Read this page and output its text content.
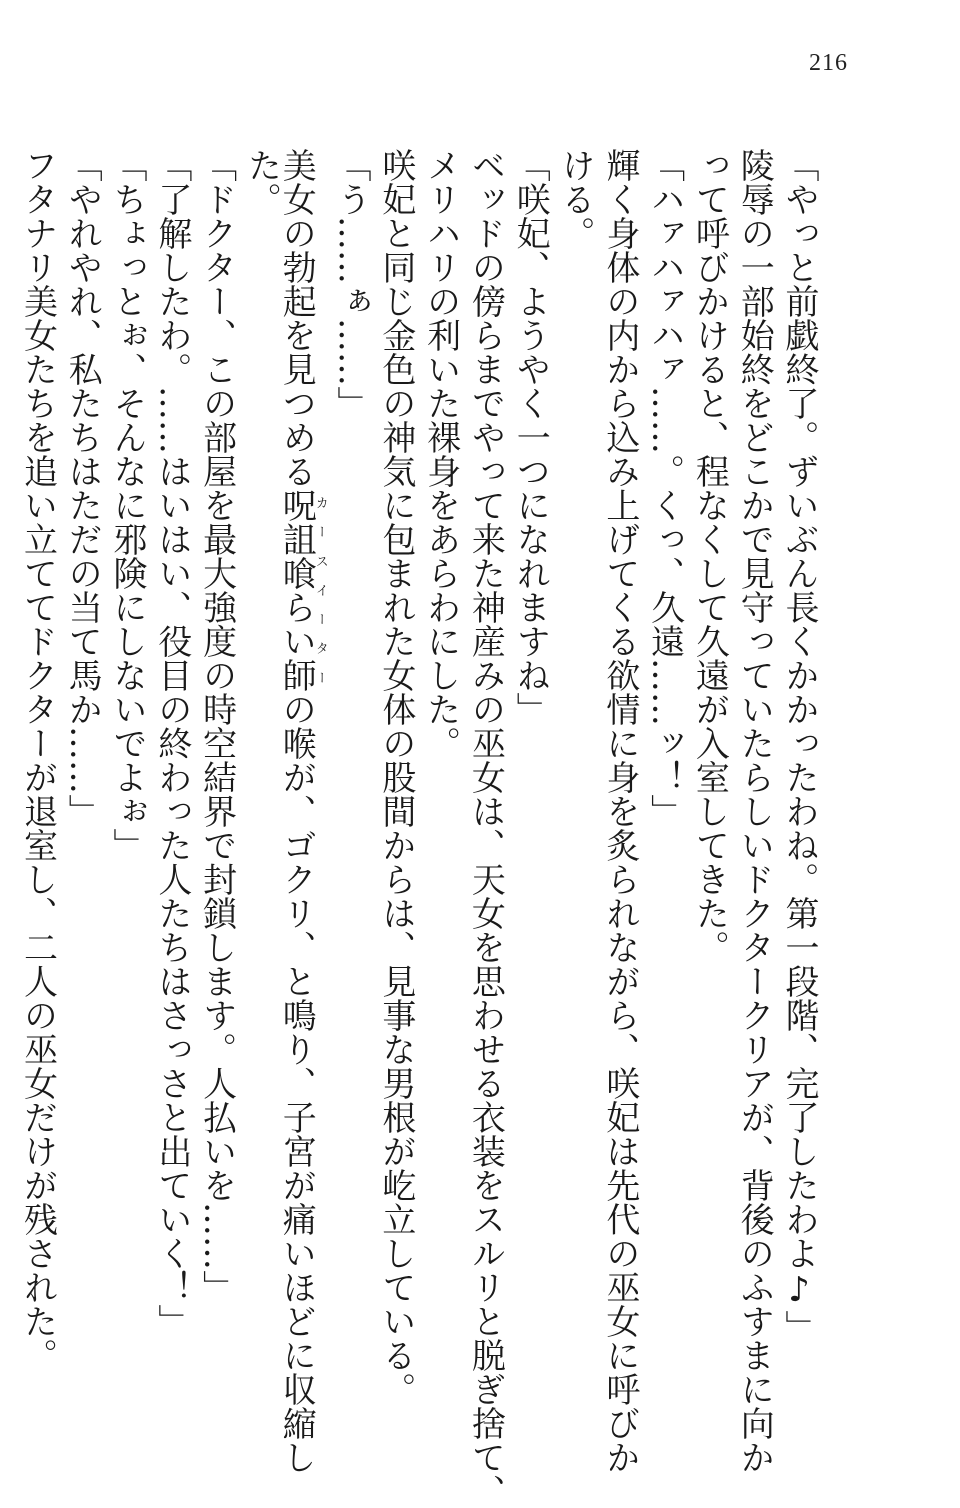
216
「やっと前戯終了。ずいぶん長くかかったわね。第一段階、完了したわよ♪」
陵辱の一部始終をどこかで見守っていたらしいドクタークリアが、背後のふすまに向か
って呼びかけると、程なくして久遠が入室してきた。
「ハァハァハァ……。くっ、久遠……ッ！」
輝く身体の内から込み上げてくる欲情に身を炙られながら、咲妃は先代の巫女に呼びか
ける。
「咲妃、ようやく一つになれますね」
ベッドの傍らまでやって来た神産みの巫女は、天女を思わせる衣装をスルリと脱ぎ捨て、
メリハリの利いた裸身をあらわにした。
咲妃と同じ金色の神気に包まれた女体の股間からは、見事な男根が屹立している。
「う……ぁ……」
美女の勃起を見つめる呪詛喰らい師カースイーターの喉が、ゴクリ、と鳴り、子宮が痛いほどに収縮し
た。
「ドクター、この部屋を最大強度の時空結界で封鎖します。人払いを……」
「了解したわ。……はいはい、役目の終わった人たちはさっさと出ていく！」
「ちょっとぉ、そんなに邪険にしないでよぉ」
「やれやれ、私たちはただの当て馬か……」
フタナリ美女たちを追い立ててドクターが退室し、二人の巫女だけが残された。
